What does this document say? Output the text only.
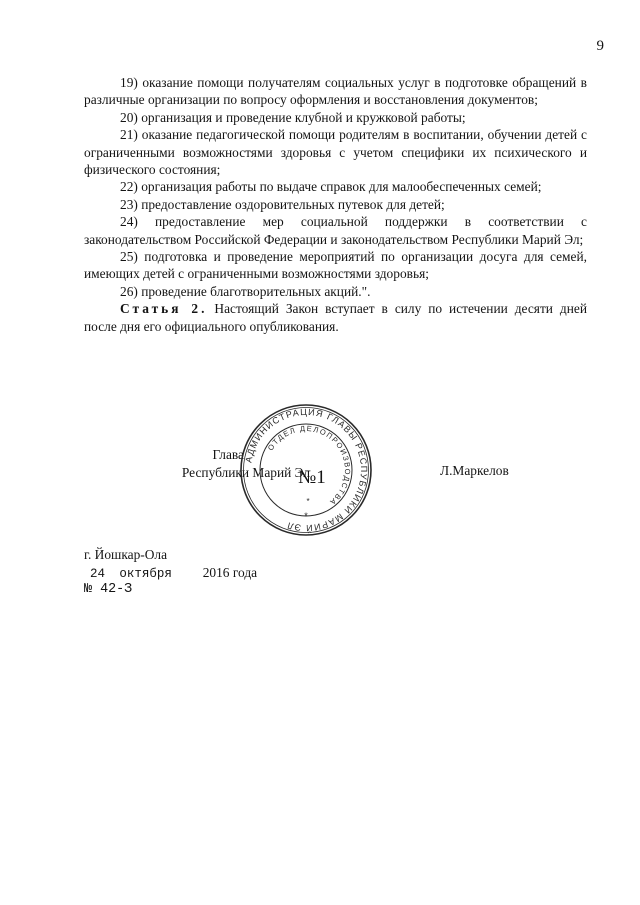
9

19) оказание помощи получателям социальных услуг в подготовке обращений в различные организации по вопросу оформления и восстановления документов;

20) организация и проведение клубной и кружковой работы;

21) оказание педагогической помощи родителям в воспитании, обучении детей с ограниченными возможностями здоровья с учетом специфики их психического и физического состояния;

22) организация работы по выдаче справок для малообеспеченных семей;

23) предоставление оздоровительных путевок для детей;

24) предоставление мер социальной поддержки в соответствии с законодательством Российской Федерации и законодательством Республики Марий Эл;

25) подготовка и проведение мероприятий по организации досуга для семей, имеющих детей с ограниченными возможностями здоровья;

26) проведение благотворительных акций.".

Статья 2. Настоящий Закон вступает в силу по истечении десяти дней после дня его официального опубликования.

Глава
Республики Марий Эл
АДМИНИСТРАЦИЯ ГЛАВЫ РЕСПУБЛИКИ МАРИЙ ЭЛ
ОТДЕЛ ДЕЛОПРОИЗВОДСТВА
№1
*
*
Л.Маркелов
г. Йошкар-Ола
24 октября 2016 года
№ 42-З
